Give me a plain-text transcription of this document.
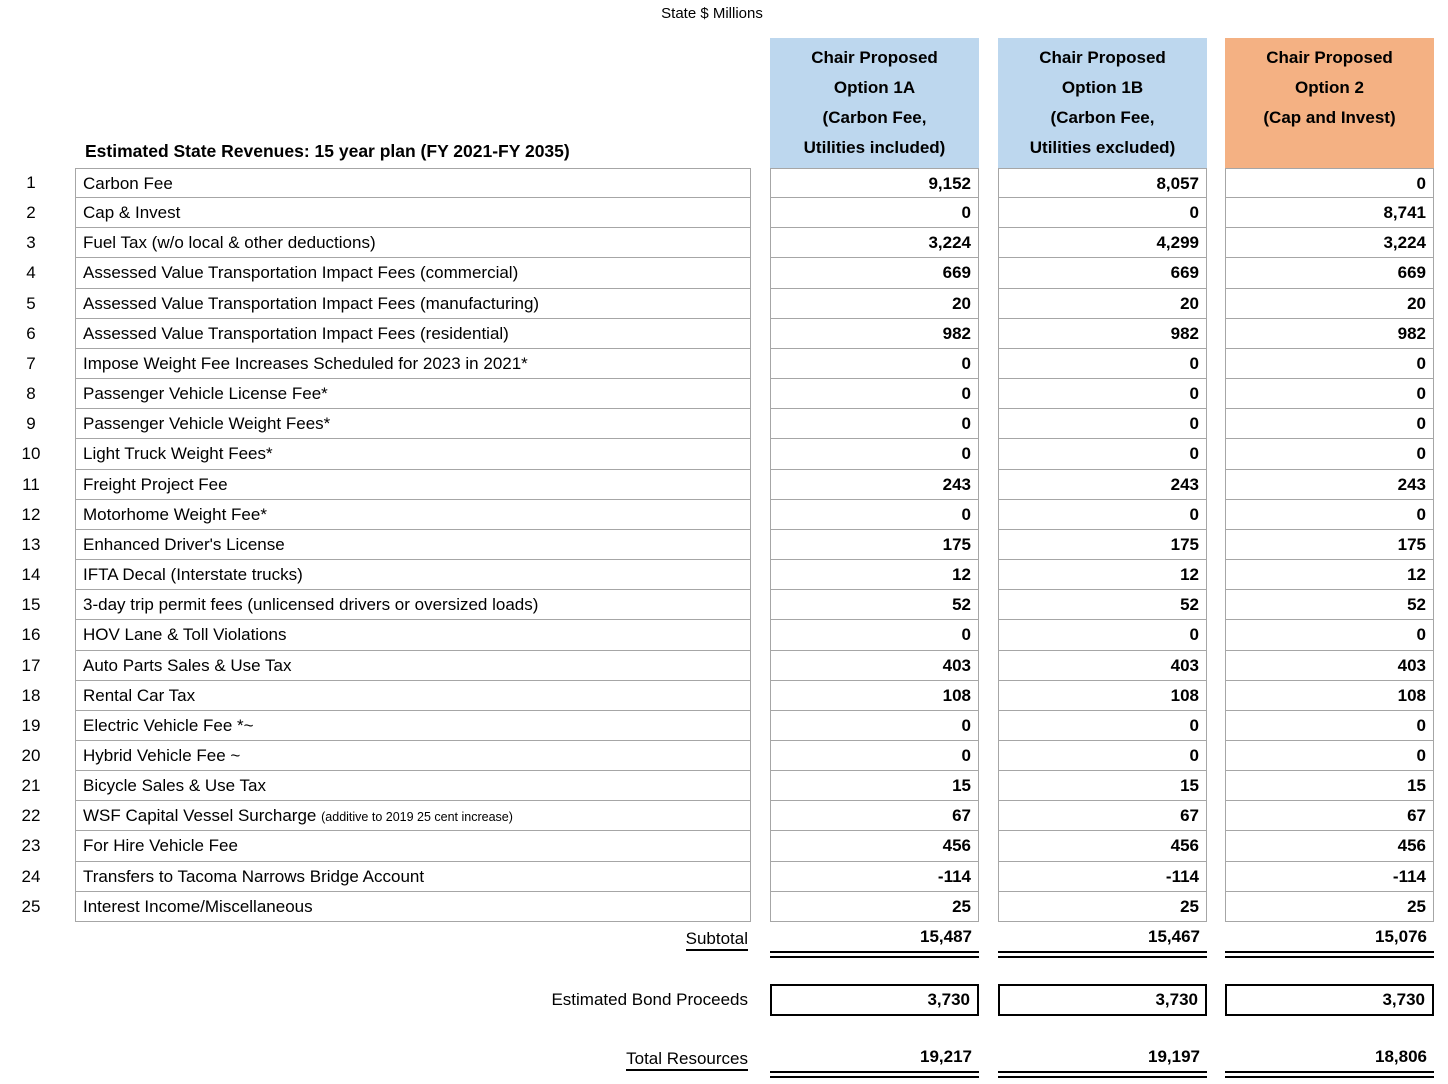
State $ Millions
Estimated State Revenues: 15 year plan (FY 2021-FY 2035)
Chair Proposed
Option 1A
(Carbon Fee,
Utilities included)
Chair Proposed
Option 1B
(Carbon Fee,
Utilities excluded)
Chair Proposed
Option 2
(Cap and Invest)
1	Carbon Fee	9,152	8,057	0
2	Cap & Invest	0	0	8,741
3	Fuel Tax (w/o local & other deductions)	3,224	4,299	3,224
4	Assessed Value Transportation Impact Fees (commercial)	669	669	669
5	Assessed Value Transportation Impact Fees (manufacturing)	20	20	20
6	Assessed Value Transportation Impact Fees (residential)	982	982	982
7	Impose Weight Fee Increases Scheduled for 2023 in 2021*	0	0	0
8	Passenger Vehicle License Fee*	0	0	0
9	Passenger Vehicle Weight Fees*	0	0	0
10	Light Truck Weight Fees*	0	0	0
11	Freight Project Fee	243	243	243
12	Motorhome Weight Fee*	0	0	0
13	Enhanced Driver's License	175	175	175
14	IFTA Decal (Interstate trucks)	12	12	12
15	3-day trip permit fees (unlicensed drivers or oversized loads)	52	52	52
16	HOV Lane & Toll Violations	0	0	0
17	Auto Parts Sales & Use Tax	403	403	403
18	Rental Car Tax	108	108	108
19	Electric Vehicle Fee *~	0	0	0
20	Hybrid Vehicle Fee ~	0	0	0
21	Bicycle Sales & Use Tax	15	15	15
22	WSF Capital Vessel Surcharge (additive to 2019 25 cent increase)	67	67	67
23	For Hire Vehicle Fee	456	456	456
24	Transfers to Tacoma Narrows Bridge Account	-114	-114	-114
25	Interest Income/Miscellaneous	25	25	25
Subtotal	15,487	15,467	15,076
Estimated Bond Proceeds	3,730	3,730	3,730
Total Resources	19,217	19,197	18,806
